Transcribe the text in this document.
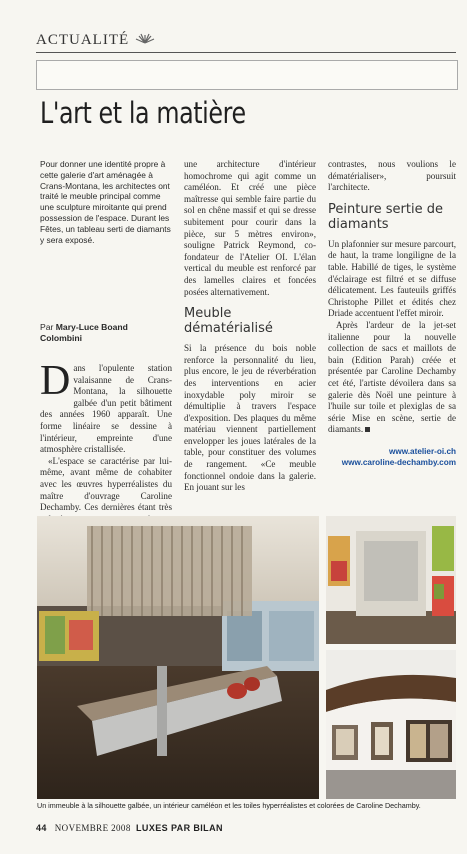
ACTUALITÉ
L'art et la matière
Pour donner une identité propre à cette galerie d'art aménagée à Crans-Montana, les architectes ont traité le meuble principal comme une sculpture miroitante qui prend possession de l'espace. Durant les Fêtes, un tableau serti de diamants y sera exposé.
Par Mary-Luce Boand Colombini

Dans l'opulente station valaisanne de Crans-Montana, la silhouette galbée d'un petit bâtiment des années 1960 apparaît. Une forme linéaire se dessine à l'intérieur, empreinte d'une atmosphère cristallisée.

«L'espace se caractérise par lui-même, avant même de cohabiter avec les œuvres hyperréalistes du maître d'ouvrage Caroline Dechamby. Ces dernières étant très

une architecture d'intérieur homochrome qui agit comme un caméléon. Et créé une pièce maîtresse qui semble faire partie du sol en chêne massif et qui se dresse subitement pour courir dans la pièce, sur 5 mètres environ», souligne Patrick Reymond, co-fondateur de l'Atelier OI. L'élan vertical du meuble est renforcé par des lamelles claires et foncées posées alternativement.

Meuble dématérialisé

Si la présence du bois noble renforce la personnalité du lieu, plus encore, le jeu de réverbération des interventions en acier inoxydable poly miroir se démultiplie à travers l'espace d'exposition. Des plaques du même matériau viennent partiellement envelopper les joues latérales de la table, pour constituer des volumes de rangement. «Ce meuble fonctionnel ondoie dans la galerie. En jouant sur les

contrastes, nous voulions le dématérialiser», poursuit l'architecte.

Peinture sertie de diamants

Un plafonnier sur mesure parcourt, de haut, la trame longiligne de la table. Habillé de tiges, le système d'éclairage est filtré et se diffuse délicatement. Les fauteuils griffés Christophe Pillet et édités chez Driade accentuent l'effet miroir.

Après l'ardeur de la jet-set italienne pour la nouvelle collection de sacs et maillots de bain (Edition Parah) créée et présentée par Caroline Dechamby cet été, l'artiste dévoilera dans sa galerie dès Noël une peinture à l'huile sur toile et plexiglas de sa série Mise en scène, sertie de diamants.

www.atelier-oi.ch
www.caroline-dechamby.com
Un immeuble à la silhouette galbée, un intérieur caméléon et les toiles hyperréalistes et colorées de Caroline Dechamby.
44 NOVEMBRE 2008 LUXES PAR BILAN
